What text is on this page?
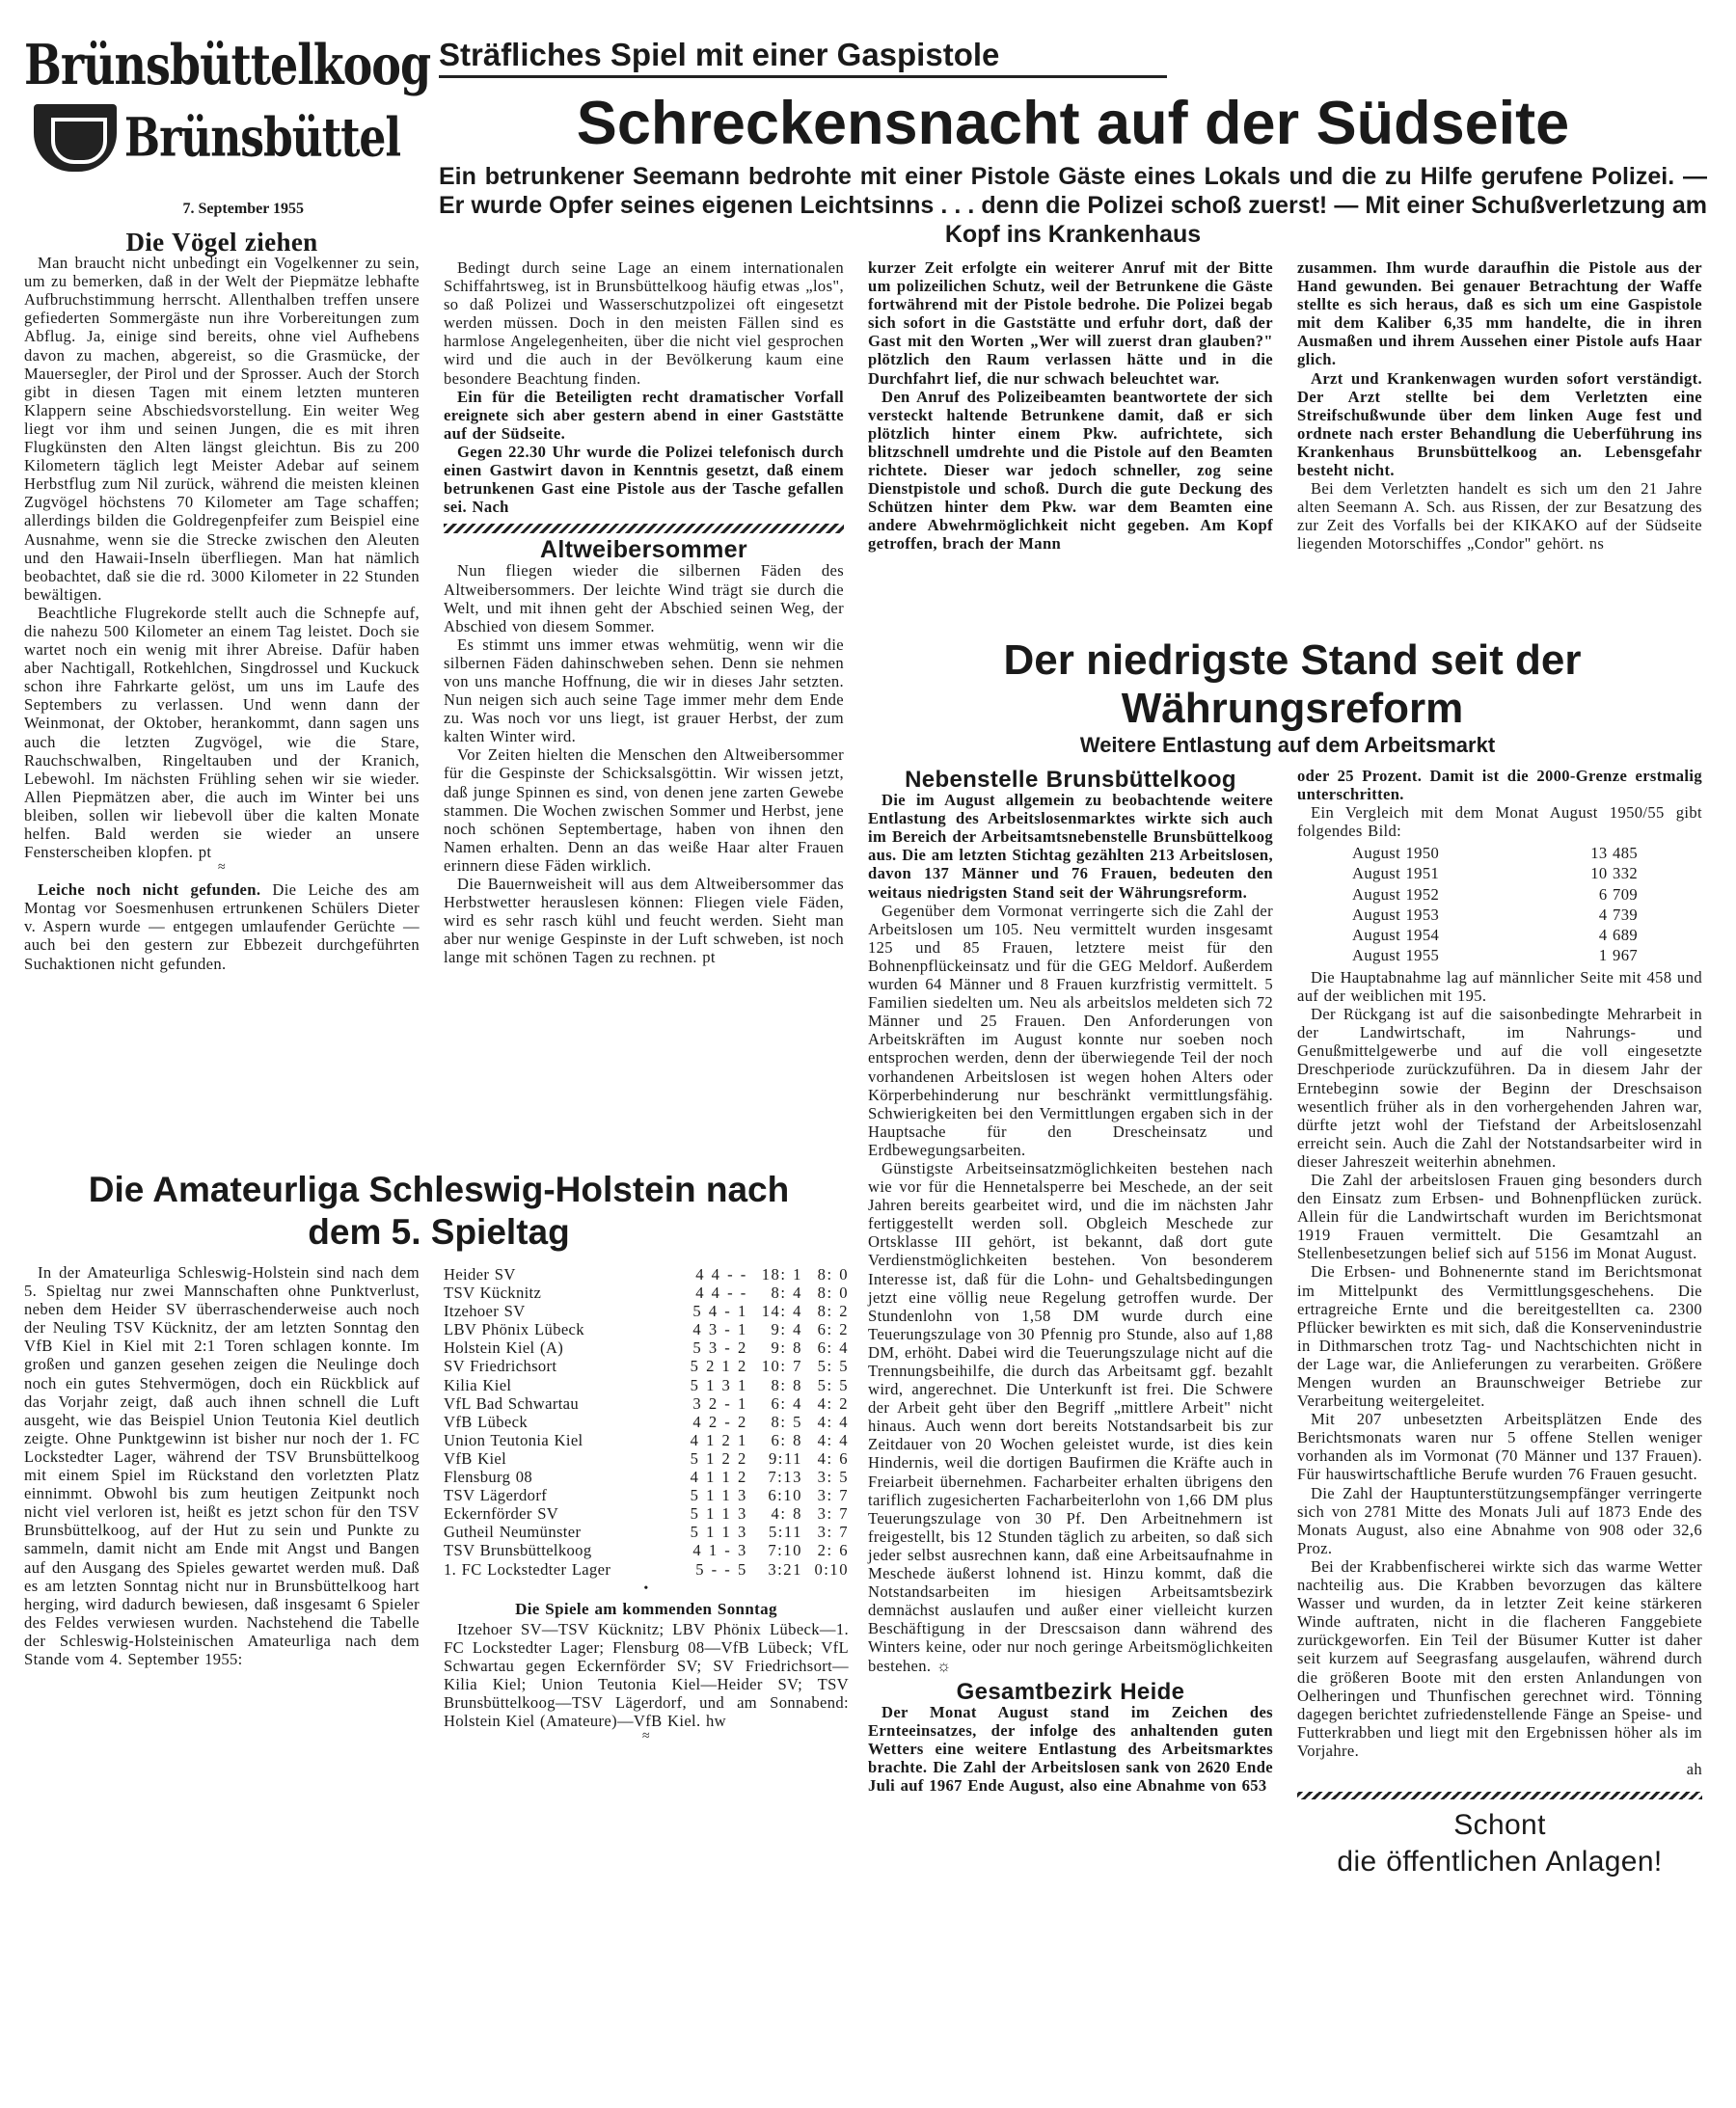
Brünsbüttelkoog
Brünsbüttel
7. September 1955
Die Vögel ziehen

Man braucht nicht unbedingt ein Vogelkenner zu sein, um zu bemerken, daß in der Welt der Piepmätze lebhafte Aufbruchstimmung herrscht. Allenthalben treffen unsere gefiederten Sommergäste nun ihre Vorbereitungen zum Abflug. Ja, einige sind bereits, ohne viel Aufhebens davon zu machen, abgereist, so die Grasmücke, der Mauersegler, der Pirol und der Sprosser. Auch der Storch gibt in diesen Tagen mit einem letzten munteren Klappern seine Abschiedsvorstellung. Ein weiter Weg liegt vor ihm und seinen Jungen, die es mit ihren Flugkünsten den Alten längst gleichtun. Bis zu 200 Kilometern täglich legt Meister Adebar auf seinem Herbstflug zum Nil zurück, während die meisten kleinen Zugvögel höchstens 70 Kilometer am Tage schaffen; allerdings bilden die Goldregenpfeifer zum Beispiel eine Ausnahme, wenn sie die Strecke zwischen den Aleuten und den Hawaii-Inseln überfliegen. Man hat nämlich beobachtet, daß sie die rd. 3000 Kilometer in 22 Stunden bewältigen.

Beachtliche Flugrekorde stellt auch die Schnepfe auf, die nahezu 500 Kilometer an einem Tag leistet. Doch sie wartet noch ein wenig mit ihrer Abreise. Dafür haben aber Nachtigall, Rotkehlchen, Singdrossel und Kuckuck schon ihre Fahrkarte gelöst, um uns im Laufe des Septembers zu verlassen. Und wenn dann der Weinmonat, der Oktober, herankommt, dann sagen uns auch die letzten Zugvögel, wie die Stare, Rauchschwalben, Ringeltauben und der Kranich, Lebewohl. Im nächsten Frühling sehen wir sie wieder. Allen Piepmätzen aber, die auch im Winter bei uns bleiben, sollen wir liebevoll über die kalten Monate helfen. Bald werden sie wieder an unsere Fensterscheiben klopfen. pt

≈

Leiche noch nicht gefunden. Die Leiche des am Montag vor Soesmenhusen ertrunkenen Schülers Dieter v. Aspern wurde — entgegen umlaufender Gerüchte — auch bei den gestern zur Ebbezeit durchgeführten Suchaktionen nicht gefunden.

Sträfliches Spiel mit einer Gaspistole
Schreckensnacht auf der Südseite
Ein betrunkener Seemann bedrohte mit einer Pistole Gäste eines Lokals und die zu Hilfe gerufene Polizei. — Er wurde Opfer seines eigenen Leichtsinns . . . denn die Polizei schoß zuerst! — Mit einer Schußverletzung am Kopf ins Krankenhaus

Bedingt durch seine Lage an einem internationalen Schiffahrtsweg, ist in Brunsbüttelkoog häufig etwas „los", so daß Polizei und Wasserschutzpolizei oft eingesetzt werden müssen. Doch in den meisten Fällen sind es harmlose Angelegenheiten, über die nicht viel gesprochen wird und die auch in der Bevölkerung kaum eine besondere Beachtung finden.

Ein für die Beteiligten recht dramatischer Vorfall ereignete sich aber gestern abend in einer Gaststätte auf der Südseite.

Gegen 22.30 Uhr wurde die Polizei telefonisch durch einen Gastwirt davon in Kenntnis gesetzt, daß einem betrunkenen Gast eine Pistole aus der Tasche gefallen sei. Nach

Altweibersommer

Nun fliegen wieder die silbernen Fäden des Altweibersommers. Der leichte Wind trägt sie durch die Welt, und mit ihnen geht der Abschied seinen Weg, der Abschied von diesem Sommer.

Es stimmt uns immer etwas wehmütig, wenn wir die silbernen Fäden dahinschweben sehen. Denn sie nehmen von uns manche Hoffnung, die wir in dieses Jahr setzten. Nun neigen sich auch seine Tage immer mehr dem Ende zu. Was noch vor uns liegt, ist grauer Herbst, der zum kalten Winter wird.

Vor Zeiten hielten die Menschen den Altweibersommer für die Gespinste der Schicksalsgöttin. Wir wissen jetzt, daß junge Spinnen es sind, von denen jene zarten Gewebe stammen. Die Wochen zwischen Sommer und Herbst, jene noch schönen Septembertage, haben von ihnen den Namen erhalten. Denn an das weiße Haar alter Frauen erinnern diese Fäden wirklich.

Die Bauernweisheit will aus dem Altweibersommer das Herbstwetter herauslesen können: Fliegen viele Fäden, wird es sehr rasch kühl und feucht werden. Sieht man aber nur wenige Gespinste in der Luft schweben, ist noch lange mit schönen Tagen zu rechnen. pt

kurzer Zeit erfolgte ein weiterer Anruf mit der Bitte um polizeilichen Schutz, weil der Betrunkene die Gäste fortwährend mit der Pistole bedrohe. Die Polizei begab sich sofort in die Gaststätte und erfuhr dort, daß der Gast mit den Worten „Wer will zuerst dran glauben?" plötzlich den Raum verlassen hätte und in die Durchfahrt lief, die nur schwach beleuchtet war.

Den Anruf des Polizeibeamten beantwortete der sich versteckt haltende Betrunkene damit, daß er sich plötzlich hinter einem Pkw. aufrichtete, sich blitzschnell umdrehte und die Pistole auf den Beamten richtete. Dieser war jedoch schneller, zog seine Dienstpistole und schoß. Durch die gute Deckung des Schützen hinter dem Pkw. war dem Beamten eine andere Abwehrmöglichkeit nicht gegeben. Am Kopf getroffen, brach der Mann

zusammen. Ihm wurde daraufhin die Pistole aus der Hand gewunden. Bei genauer Betrachtung der Waffe stellte es sich heraus, daß es sich um eine Gaspistole mit dem Kaliber 6,35 mm handelte, die in ihren Ausmaßen und ihrem Aussehen einer Pistole aufs Haar glich.

Arzt und Krankenwagen wurden sofort verständigt. Der Arzt stellte bei dem Verletzten eine Streifschußwunde über dem linken Auge fest und ordnete nach erster Behandlung die Ueberführung ins Krankenhaus Brunsbüttelkoog an. Lebensgefahr besteht nicht.

Bei dem Verletzten handelt es sich um den 21 Jahre alten Seemann A. Sch. aus Rissen, der zur Besatzung des zur Zeit des Vorfalls bei der KIKAKO auf der Südseite liegenden Motorschiffes „Condor" gehört. ns

Der niedrigste Stand seit der Währungsreform
Weitere Entlastung auf dem Arbeitsmarkt
Nebenstelle Brunsbüttelkoog

Die im August allgemein zu beobachtende weitere Entlastung des Arbeitslosenmarktes wirkte sich auch im Bereich der Arbeitsamtsnebenstelle Brunsbüttelkoog aus. Die am letzten Stichtag gezählten 213 Arbeitslosen, davon 137 Männer und 76 Frauen, bedeuten den weitaus niedrigsten Stand seit der Währungsreform.

Gegenüber dem Vormonat verringerte sich die Zahl der Arbeitslosen um 105. Neu vermittelt wurden insgesamt 125 und 85 Frauen, letztere meist für den Bohnenpflückeinsatz und für die GEG Meldorf. Außerdem wurden 64 Männer und 8 Frauen kurzfristig vermittelt. 5 Familien siedelten um. Neu als arbeitslos meldeten sich 72 Männer und 25 Frauen. Den Anforderungen von Arbeitskräften im August konnte nur soeben noch entsprochen werden, denn der überwiegende Teil der noch vorhandenen Arbeitslosen ist wegen hohen Alters oder Körperbehinderung nur beschränkt vermittlungsfähig. Schwierigkeiten bei den Vermittlungen ergaben sich in der Hauptsache für den Drescheinsatz und Erdbewegungsarbeiten.

Günstigste Arbeitseinsatzmöglichkeiten bestehen nach wie vor für die Hennetalsperre bei Meschede, an der seit Jahren bereits gearbeitet wird, und die im nächsten Jahr fertiggestellt werden soll. Obgleich Meschede zur Ortsklasse III gehört, ist bekannt, daß dort gute Verdienstmöglichkeiten bestehen. Von besonderem Interesse ist, daß für die Lohn- und Gehaltsbedingungen jetzt eine völlig neue Regelung getroffen wurde. Der Stundenlohn von 1,58 DM wurde durch eine Teuerungszulage von 30 Pfennig pro Stunde, also auf 1,88 DM, erhöht. Dabei wird die Teuerungszulage nicht auf die Trennungsbeihilfe, die durch das Arbeitsamt ggf. bezahlt wird, angerechnet. Die Unterkunft ist frei. Die Schwere der Arbeit geht über den Begriff „mittlere Arbeit" nicht hinaus. Auch wenn dort bereits Notstandsarbeit bis zur Zeitdauer von 20 Wochen geleistet wurde, ist dies kein Hindernis, weil die dortigen Baufirmen die Kräfte auch in Freiarbeit übernehmen. Facharbeiter erhalten übrigens den tariflich zugesicherten Facharbeiterlohn von 1,66 DM plus Teuerungszulage von 30 Pf. Den Arbeitnehmern ist freigestellt, bis 12 Stunden täglich zu arbeiten, so daß sich jeder selbst ausrechnen kann, daß eine Arbeitsaufnahme in Meschede äußerst lohnend ist. Hinzu kommt, daß die Notstandsarbeiten im hiesigen Arbeitsamtsbezirk demnächst auslaufen und außer einer vielleicht kurzen Beschäftigung in der Drescsaison dann während des Winters keine, oder nur noch geringe Arbeitsmöglichkeiten bestehen. ☼

Gesamtbezirk Heide

Der Monat August stand im Zeichen des Ernteeinsatzes, der infolge des anhaltenden guten Wetters eine weitere Entlastung des Arbeitsmarktes brachte. Die Zahl der Arbeitslosen sank von 2620 Ende Juli auf 1967 Ende August, also eine Abnahme von 653

oder 25 Prozent. Damit ist die 2000-Grenze erstmalig unterschritten.

Ein Vergleich mit dem Monat August 1950/55 gibt folgendes Bild:

August 1950	13 485
August 1951	10 332
August 1952	6 709
August 1953	4 739
August 1954	4 689
August 1955	1 967

Die Hauptabnahme lag auf männlicher Seite mit 458 und auf der weiblichen mit 195.

Der Rückgang ist auf die saisonbedingte Mehrarbeit in der Landwirtschaft, im Nahrungs- und Genußmittelgewerbe und auf die voll eingesetzte Dreschperiode zurückzuführen. Da in diesem Jahr der Erntebeginn sowie der Beginn der Dreschsaison wesentlich früher als in den vorhergehenden Jahren war, dürfte jetzt wohl der Tiefstand der Arbeitslosenzahl erreicht sein. Auch die Zahl der Notstandsarbeiter wird in dieser Jahreszeit weiterhin abnehmen.

Die Zahl der arbeitslosen Frauen ging besonders durch den Einsatz zum Erbsen- und Bohnenpflücken zurück. Allein für die Landwirtschaft wurden im Berichtsmonat 1919 Frauen vermittelt. Die Gesamtzahl an Stellenbesetzungen belief sich auf 5156 im Monat August.

Die Erbsen- und Bohnenernte stand im Berichtsmonat im Mittelpunkt des Vermittlungsgeschehens. Die ertragreiche Ernte und die bereitgestellten ca. 2300 Pflücker bewirkten es mit sich, daß die Konservenindustrie in Dithmarschen trotz Tag- und Nachtschichten nicht in der Lage war, die Anlieferungen zu verarbeiten. Größere Mengen wurden an Braunschweiger Betriebe zur Verarbeitung weitergeleitet.

Mit 207 unbesetzten Arbeitsplätzen Ende des Berichtsmonats waren nur 5 offene Stellen weniger vorhanden als im Vormonat (70 Männer und 137 Frauen). Für hauswirtschaftliche Berufe wurden 76 Frauen gesucht.

Die Zahl der Hauptunterstützungsempfänger verringerte sich von 2781 Mitte des Monats Juli auf 1873 Ende des Monats August, also eine Abnahme von 908 oder 32,6 Proz.

Bei der Krabbenfischerei wirkte sich das warme Wetter nachteilig aus. Die Krabben bevorzugen das kältere Wasser und wurden, da in letzter Zeit keine stärkeren Winde auftraten, nicht in die flacheren Fanggebiete zurückgeworfen. Ein Teil der Büsumer Kutter ist daher seit kurzem auf Seegrasfang ausgelaufen, während durch die größeren Boote mit den ersten Anlandungen von Oelheringen und Thunfischen gerechnet wird. Tönning dagegen berichtet zufriedenstellende Fänge an Speise- und Futterkrabben und liegt mit den Ergebnissen höher als im Vorjahre.

ah

Schont
die öffentlichen Anlagen!
Die Amateurliga Schleswig-Holstein nach dem 5. Spieltag

In der Amateurliga Schleswig-Holstein sind nach dem 5. Spieltag nur zwei Mannschaften ohne Punktverlust, neben dem Heider SV überraschenderweise auch noch der Neuling TSV Kücknitz, der am letzten Sonntag den VfB Kiel in Kiel mit 2:1 Toren schlagen konnte. Im großen und ganzen gesehen zeigen die Neulinge doch noch ein gutes Stehvermögen, doch ein Rückblick auf das Vorjahr zeigt, daß auch ihnen schnell die Luft ausgeht, wie das Beispiel Union Teutonia Kiel deutlich zeigte. Ohne Punktgewinn ist bisher nur noch der 1. FC Lockstedter Lager, während der TSV Brunsbüttelkoog mit einem Spiel im Rückstand den vorletzten Platz einnimmt. Obwohl bis zum heutigen Zeitpunkt noch nicht viel verloren ist, heißt es jetzt schon für den TSV Brunsbüttelkoog, auf der Hut zu sein und Punkte zu sammeln, damit nicht am Ende mit Angst und Bangen auf den Ausgang des Spieles gewartet werden muß. Daß es am letzten Sonntag nicht nur in Brunsbüttelkoog hart herging, wird dadurch bewiesen, daß insgesamt 6 Spieler des Feldes verwiesen wurden. Nachstehend die Tabelle der Schleswig-Holsteinischen Amateurliga nach dem Stande vom 4. September 1955:

Heider SV	4 4 - -	18: 1	8: 0
TSV Kücknitz	4 4 - -	8: 4	8: 0
Itzehoer SV	5 4 - 1	14: 4	8: 2
LBV Phönix Lübeck	4 3 - 1	9: 4	6: 2
Holstein Kiel (A)	5 3 - 2	9: 8	6: 4
SV Friedrichsort	5 2 1 2	10: 7	5: 5
Kilia Kiel	5 1 3 1	8: 8	5: 5
VfL Bad Schwartau	3 2 - 1	6: 4	4: 2
VfB Lübeck	4 2 - 2	8: 5	4: 4
Union Teutonia Kiel	4 1 2 1	6: 8	4: 4
VfB Kiel	5 1 2 2	9:11	4: 6
Flensburg 08	4 1 1 2	7:13	3: 5
TSV Lägerdorf	5 1 1 3	6:10	3: 7
Eckernförder SV	5 1 1 3	4: 8	3: 7
Gutheil Neumünster	5 1 1 3	5:11	3: 7
TSV Brunsbüttelkoog	4 1 - 3	7:10	2: 6
1. FC Lockstedter Lager	5 - - 5	3:21	0:10
•
Die Spiele am kommenden Sonntag

Itzehoer SV—TSV Kücknitz; LBV Phönix Lübeck—1. FC Lockstedter Lager; Flensburg 08—VfB Lübeck; VfL Schwartau gegen Eckernförder SV; SV Friedrichsort—Kilia Kiel; Union Teutonia Kiel—Heider SV; TSV Brunsbüttelkoog—TSV Lägerdorf, und am Sonnabend: Holstein Kiel (Amateure)—VfB Kiel. hw

≈
